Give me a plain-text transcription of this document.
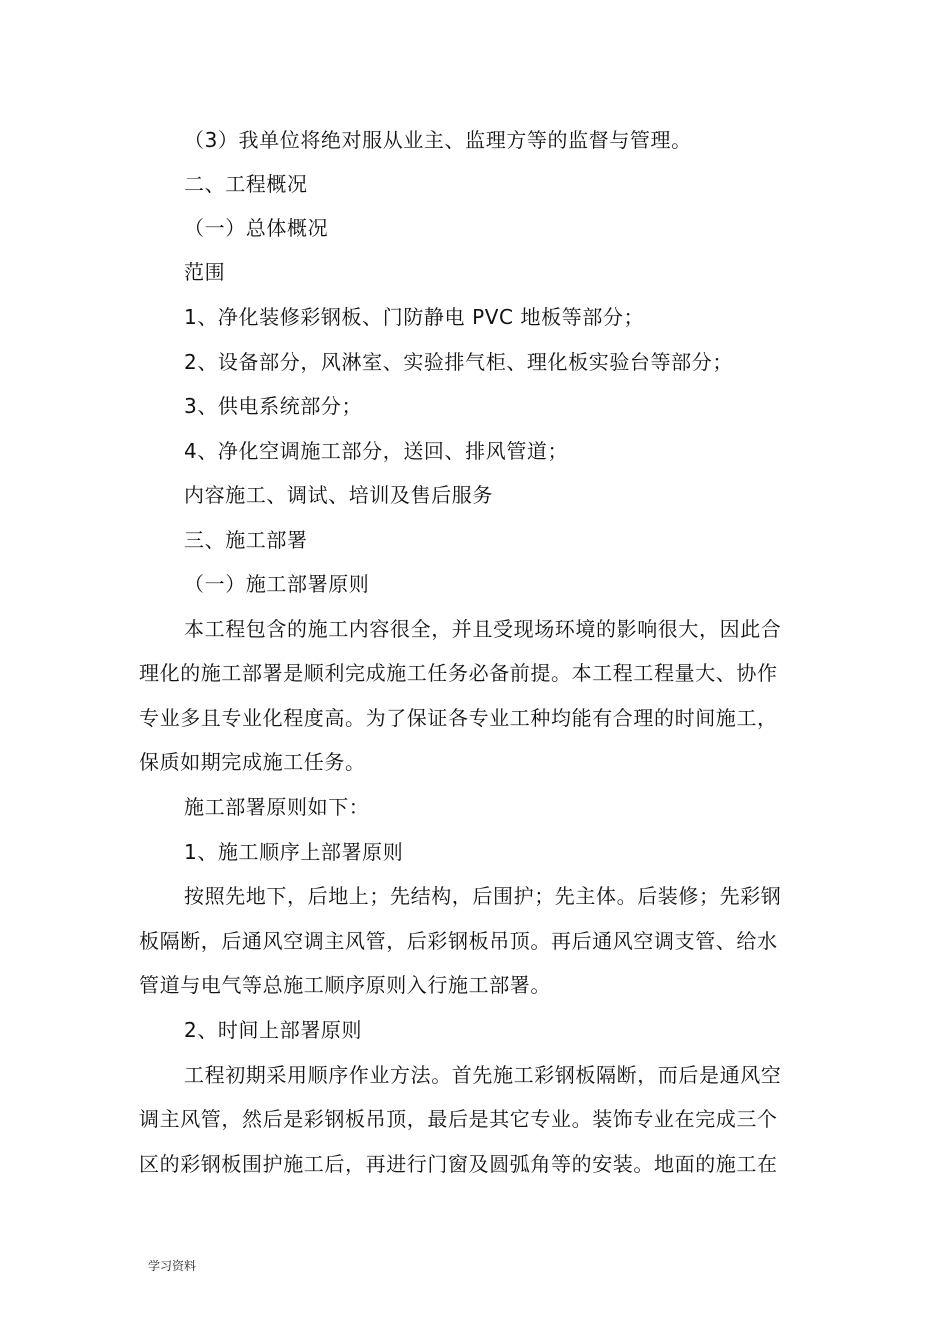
（3）我单位将绝对服从业主、监理方等的监督与管理。
二、工程概况
（一）总体概况
范围
1、净化装修彩钢板、门防静电 PVC 地板等部分；
2、设备部分，风淋室、实验排气柜、理化板实验台等部分；
3、供电系统部分；
4、净化空调施工部分，送回、排风管道；
内容施工、调试、培训及售后服务
三、施工部署
（一）施工部署原则
本工程包含的施工内容很全，并且受现场环境的影响很大，因此合
理化的施工部署是顺利完成施工任务必备前提。本工程工程量大、协作
专业多且专业化程度高。为了保证各专业工种均能有合理的时间施工，
保质如期完成施工任务。
施工部署原则如下：
1、施工顺序上部署原则
按照先地下，后地上；先结构，后围护；先主体。后装修；先彩钢
板隔断，后通风空调主风管，后彩钢板吊顶。再后通风空调支管、给水
管道与电气等总施工顺序原则入行施工部署。
2、时间上部署原则
工程初期采用顺序作业方法。首先施工彩钢板隔断，而后是通风空
调主风管，然后是彩钢板吊顶，最后是其它专业。装饰专业在完成三个
区的彩钢板围护施工后，再进行门窗及圆弧角等的安装。地面的施工在
学习资料
